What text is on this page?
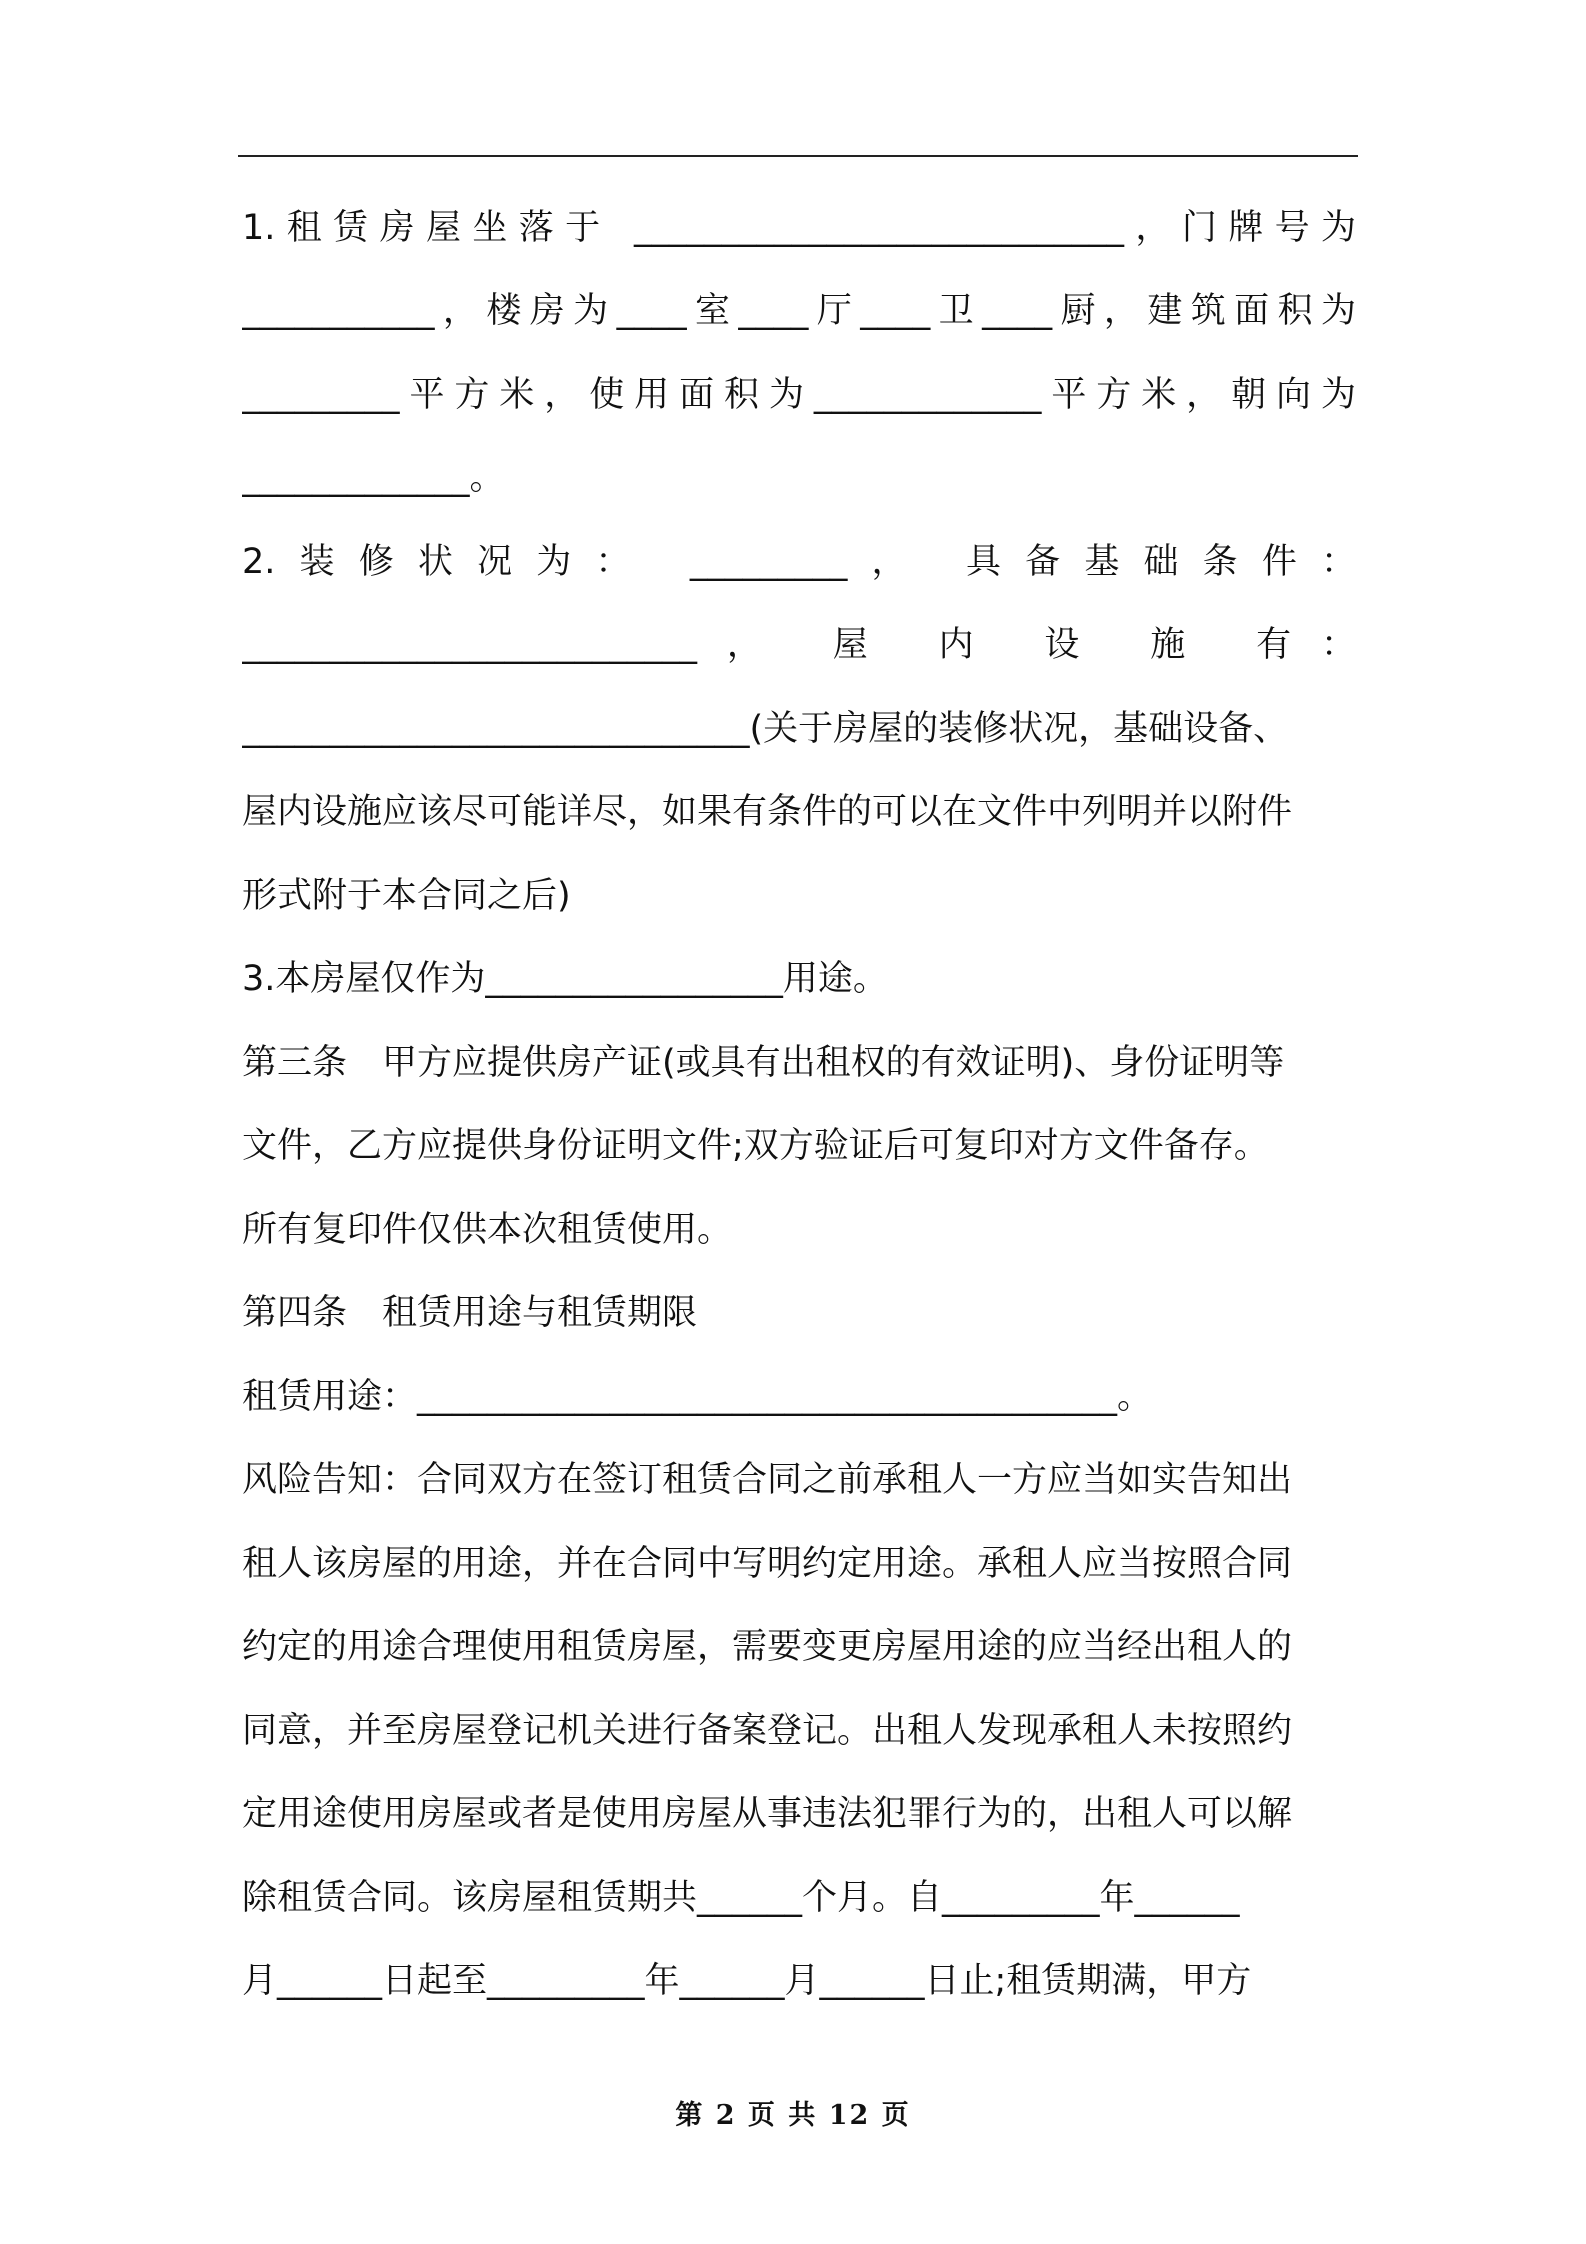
1.租赁房屋坐落于 ____________________________，门牌号为
___________，楼房为____室____厅____卫____厨，建筑面积为
_________平方米，使用面积为_____________平方米，朝向为
_____________。
2.装修状况为： _________， 具备基础条件：
__________________________， 屋 内 设 施 有：
_____________________________(关于房屋的装修状况，基础设备、
屋内设施应该尽可能详尽，如果有条件的可以在文件中列明并以附件
形式附于本合同之后)
3.本房屋仅作为_________________用途。
第三条　甲方应提供房产证(或具有出租权的有效证明)、身份证明等
文件，乙方应提供身份证明文件;双方验证后可复印对方文件备存。
所有复印件仅供本次租赁使用。
第四条　租赁用途与租赁期限
租赁用途：________________________________________。
风险告知：合同双方在签订租赁合同之前承租人一方应当如实告知出
租人该房屋的用途，并在合同中写明约定用途。承租人应当按照合同
约定的用途合理使用租赁房屋，需要变更房屋用途的应当经出租人的
同意，并至房屋登记机关进行备案登记。出租人发现承租人未按照约
定用途使用房屋或者是使用房屋从事违法犯罪行为的，出租人可以解
除租赁合同。该房屋租赁期共______个月。自_________年______
月______日起至_________年______月______日止;租赁期满，甲方
第 2 页 共 12 页
